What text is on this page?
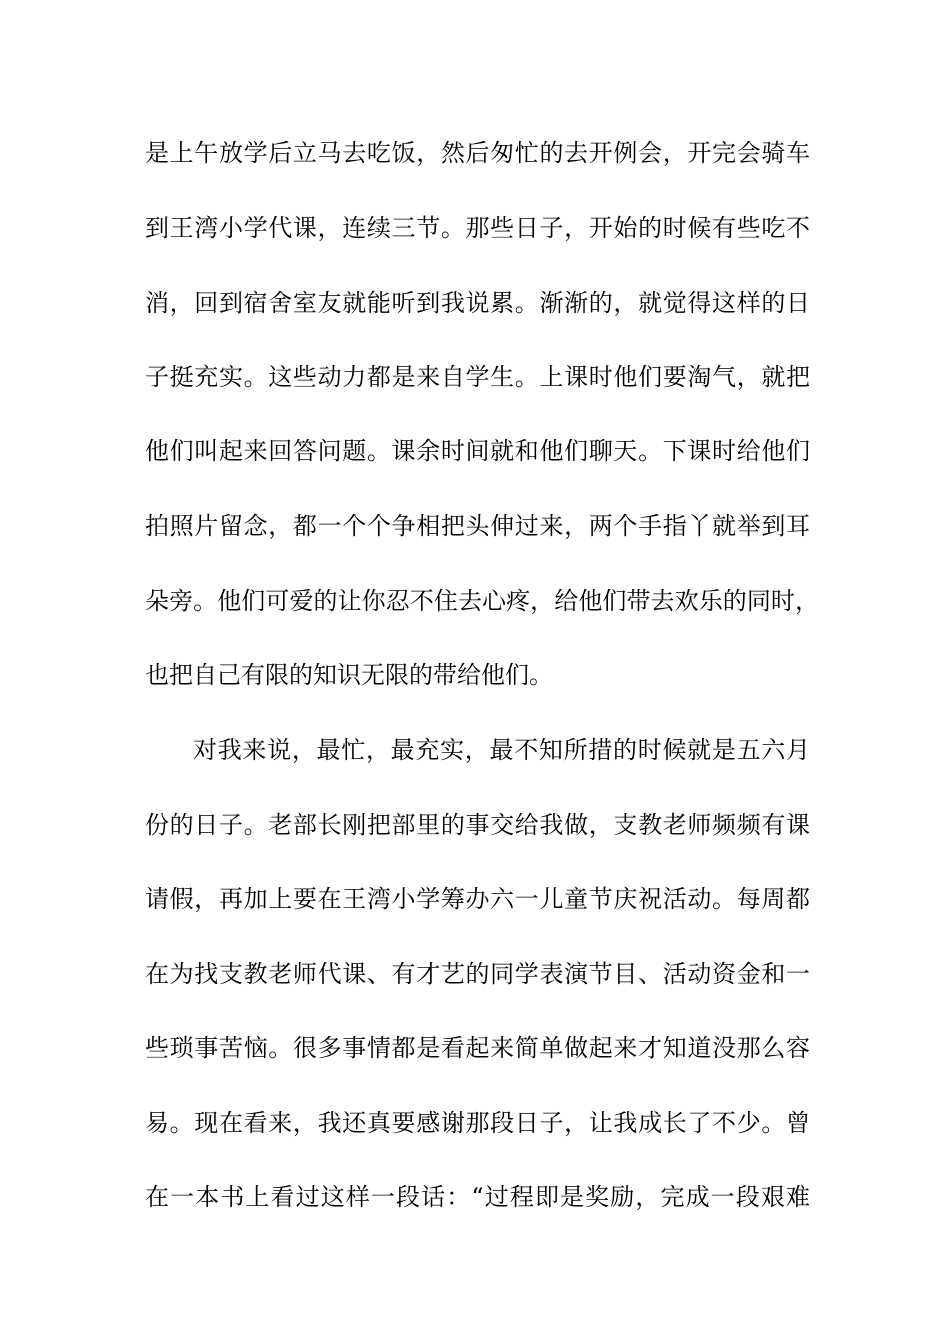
是上午放学后立马去吃饭，然后匆忙的去开例会，开完会骑车
到王湾小学代课，连续三节。那些日子，开始的时候有些吃不
消，回到宿舍室友就能听到我说累。渐渐的，就觉得这样的日
子挺充实。这些动力都是来自学生。上课时他们要淘气，就把
他们叫起来回答问题。课余时间就和他们聊天。下课时给他们
拍照片留念，都一个个争相把头伸过来，两个手指丫就举到耳
朵旁。他们可爱的让你忍不住去心疼，给他们带去欢乐的同时，
也把自己有限的知识无限的带给他们。
对我来说，最忙，最充实，最不知所措的时候就是五六月
份的日子。老部长刚把部里的事交给我做，支教老师频频有课
请假，再加上要在王湾小学筹办六一儿童节庆祝活动。每周都
在为找支教老师代课、有才艺的同学表演节目、活动资金和一
些琐事苦恼。很多事情都是看起来简单做起来才知道没那么容
易。现在看来，我还真要感谢那段日子，让我成长了不少。曾
在一本书上看过这样一段话：“过程即是奖励，完成一段艰难
